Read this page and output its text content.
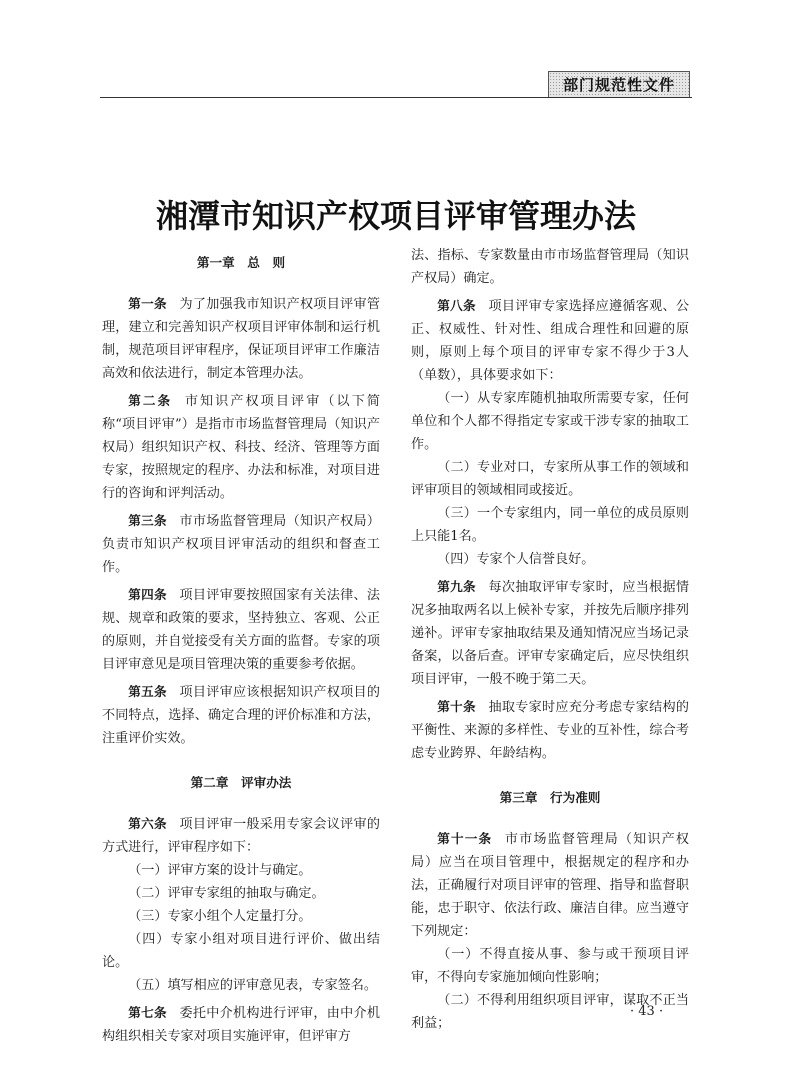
部门规范性文件
湘潭市知识产权项目评审管理办法

第一章 总　则

第一条 为了加强我市知识产权项目评审管理，建立和完善知识产权项目评审体制和运行机制，规范项目评审程序，保证项目评审工作廉洁高效和依法进行，制定本管理办法。

第二条 市知识产权项目评审（以下简称“项目评审”）是指市市场监督管理局（知识产权局）组织知识产权、科技、经济、管理等方面专家，按照规定的程序、办法和标准，对项目进行的咨询和评判活动。

第三条 市市场监督管理局（知识产权局）负责市知识产权项目评审活动的组织和督查工作。

第四条 项目评审要按照国家有关法律、法规、规章和政策的要求，坚持独立、客观、公正的原则，并自觉接受有关方面的监督。专家的项目评审意见是项目管理决策的重要参考依据。

第五条 项目评审应该根据知识产权项目的不同特点，选择、确定合理的评价标准和方法，注重评价实效。

第二章 评审办法

第六条 项目评审一般采用专家会议评审的方式进行，评审程序如下：

（一）评审方案的设计与确定。

（二）评审专家组的抽取与确定。

（三）专家小组个人定量打分。

（四）专家小组对项目进行评价、做出结论。

（五）填写相应的评审意见表，专家签名。

第七条 委托中介机构进行评审，由中介机构组织相关专家对项目实施评审，但评审方

法、指标、专家数量由市市场监督管理局（知识产权局）确定。

第八条 项目评审专家选择应遵循客观、公正、权威性、针对性、组成合理性和回避的原则，原则上每个项目的评审专家不得少于3人（单数），具体要求如下：

（一）从专家库随机抽取所需要专家，任何单位和个人都不得指定专家或干涉专家的抽取工作。

（二）专业对口，专家所从事工作的领域和评审项目的领域相同或接近。

（三）一个专家组内，同一单位的成员原则上只能1名。

（四）专家个人信誉良好。

第九条 每次抽取评审专家时，应当根据情况多抽取两名以上候补专家，并按先后顺序排列递补。评审专家抽取结果及通知情况应当场记录备案，以备后查。评审专家确定后，应尽快组织项目评审，一般不晚于第二天。

第十条 抽取专家时应充分考虑专家结构的平衡性、来源的多样性、专业的互补性，综合考虑专业跨界、年龄结构。

第三章 行为准则

第十一条 市市场监督管理局（知识产权局）应当在项目管理中，根据规定的程序和办法，正确履行对项目评审的管理、指导和监督职能，忠于职守、依法行政、廉洁自律。应当遵守下列规定：

（一）不得直接从事、参与或干预项目评审，不得向专家施加倾向性影响；

（二）不得利用组织项目评审，谋取不正当利益；

· 43 ·
